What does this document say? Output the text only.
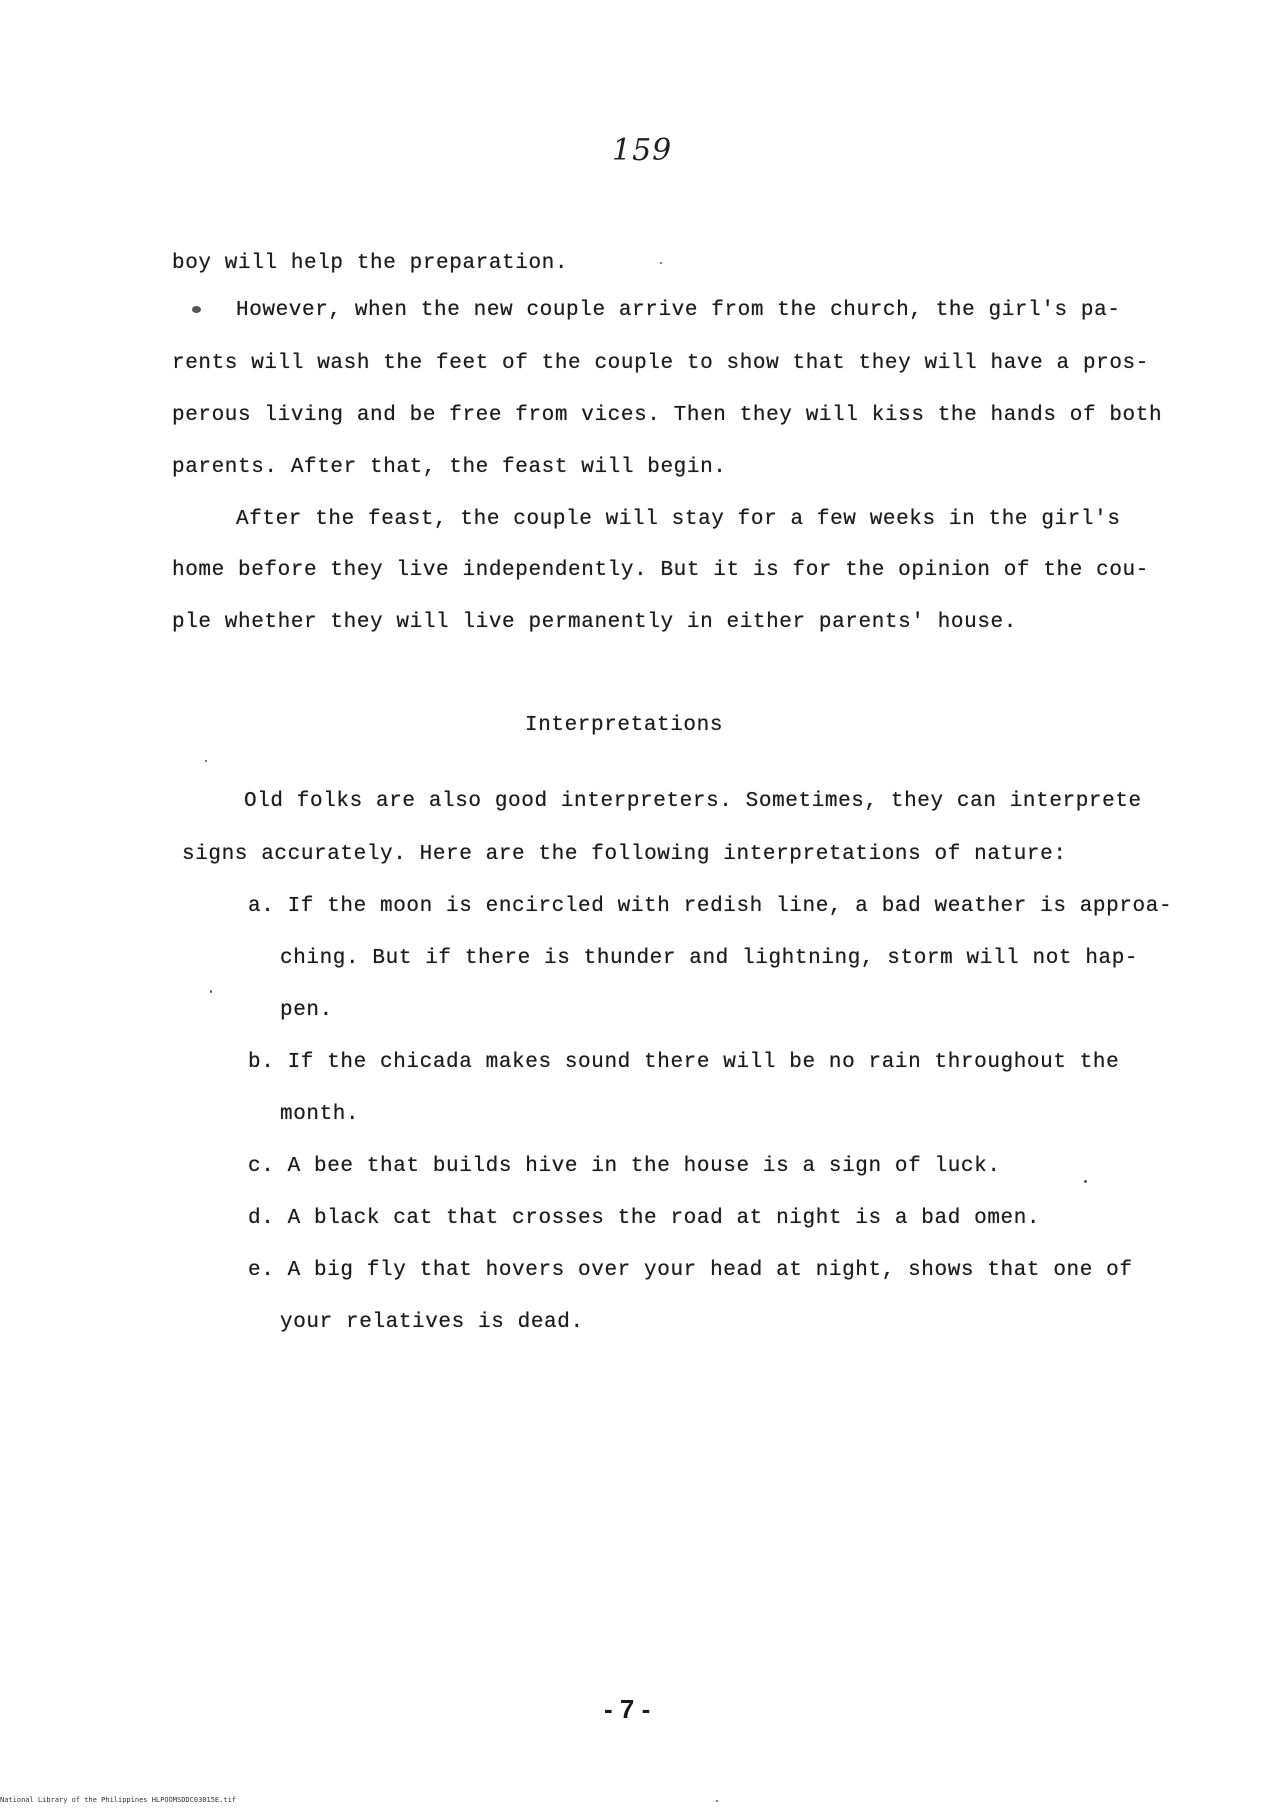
159
boy will help the preparation.
However, when the new couple arrive from the church, the girl's pa-
rents will wash the feet of the couple to show that they will have a pros-
perous living and be free from vices. Then they will kiss the hands of both
parents. After that, the feast will begin.
After the feast, the couple will stay for a few weeks in the girl's
home before they live independently. But it is for the opinion of the cou-
ple whether they will live permanently in either parents' house.
Interpretations
Old folks are also good interpreters. Sometimes, they can interprete
signs accurately. Here are the following interpretations of nature:
a. If the moon is encircled with redish line, a bad weather is approa-
ching. But if there is thunder and lightning, storm will not hap-
pen.
b. If the chicada makes sound there will be no rain throughout the
month.
c. A bee that builds hive in the house is a sign of luck.
d. A black cat that crosses the road at night is a bad omen.
e. A big fly that hovers over your head at night, shows that one of
your relatives is dead.
- 7 -
National Library of the Philippines HLPOOMSDDC03015E.tif
